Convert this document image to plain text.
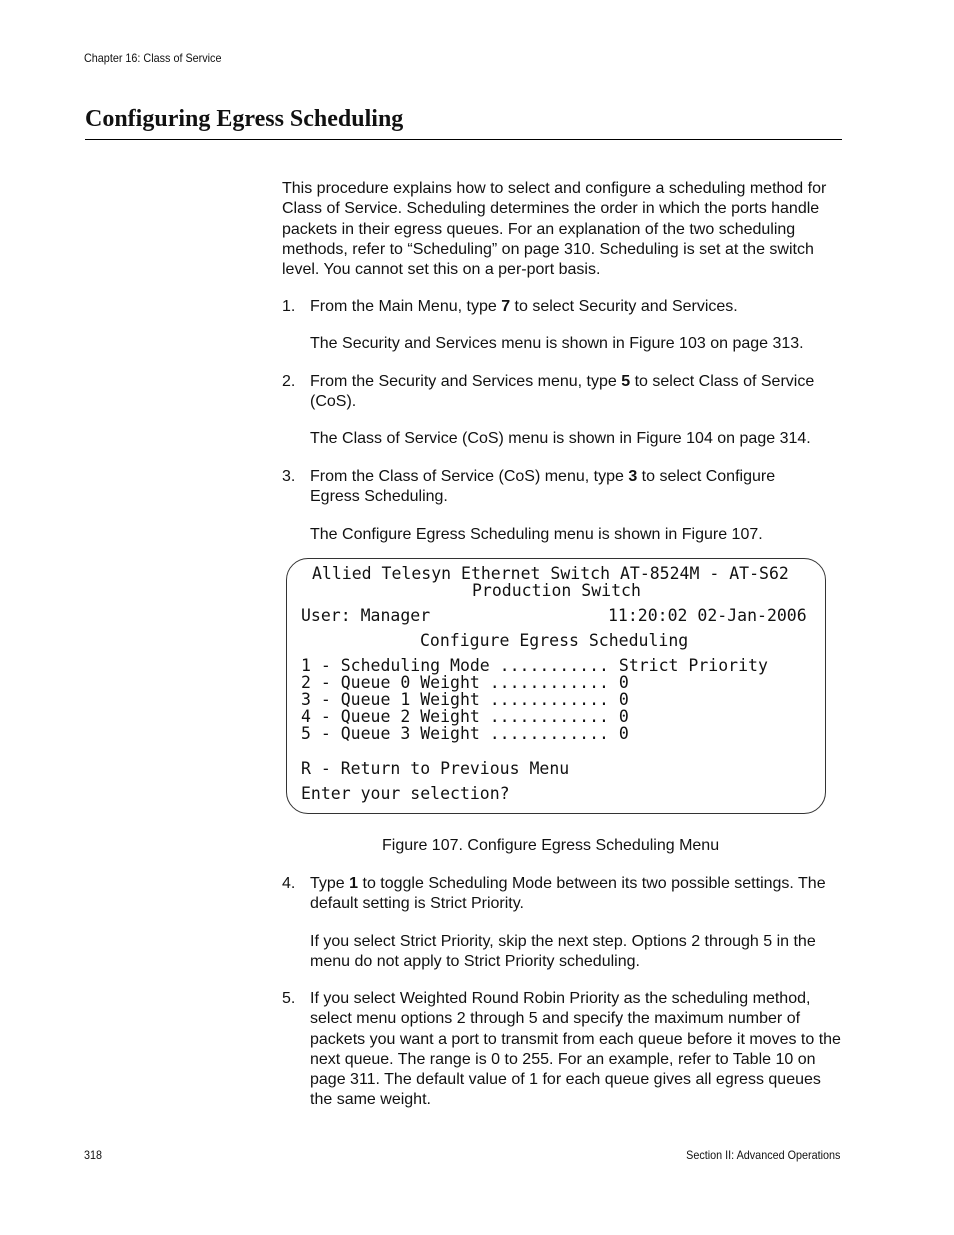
Chapter 16: Class of Service
Configuring Egress Scheduling
This procedure explains how to select and configure a scheduling method for Class of Service. Scheduling determines the order in which the ports handle packets in their egress queues. For an explanation of the two scheduling methods, refer to “Scheduling” on page 310. Scheduling is set at the switch level. You cannot set this on a per-port basis.
1. From the Main Menu, type 7 to select Security and Services.
The Security and Services menu is shown in Figure 103 on page 313.
2. From the Security and Services menu, type 5 to select Class of Service (CoS).
The Class of Service (CoS) menu is shown in Figure 104 on page 314.
3. From the Class of Service (CoS) menu, type 3 to select Configure Egress Scheduling.
The Configure Egress Scheduling menu is shown in Figure 107.
Allied Telesyn Ethernet Switch AT-8524M - AT-S62
Production Switch
User: Manager	11:20:02 02-Jan-2006
Configure Egress Scheduling
1 - Scheduling Mode ........... Strict Priority
2 - Queue 0 Weight ............ 0
3 - Queue 1 Weight ............ 0
4 - Queue 2 Weight ............ 0
5 - Queue 3 Weight ............ 0
R - Return to Previous Menu
Enter your selection?
Figure 107. Configure Egress Scheduling Menu
4. Type 1 to toggle Scheduling Mode between its two possible settings. The default setting is Strict Priority.
If you select Strict Priority, skip the next step. Options 2 through 5 in the menu do not apply to Strict Priority scheduling.
5. If you select Weighted Round Robin Priority as the scheduling method, select menu options 2 through 5 and specify the maximum number of packets you want a port to transmit from each queue before it moves to the next queue. The range is 0 to 255. For an example, refer to Table 10 on page 311. The default value of 1 for each queue gives all egress queues the same weight.
318	Section II: Advanced Operations
